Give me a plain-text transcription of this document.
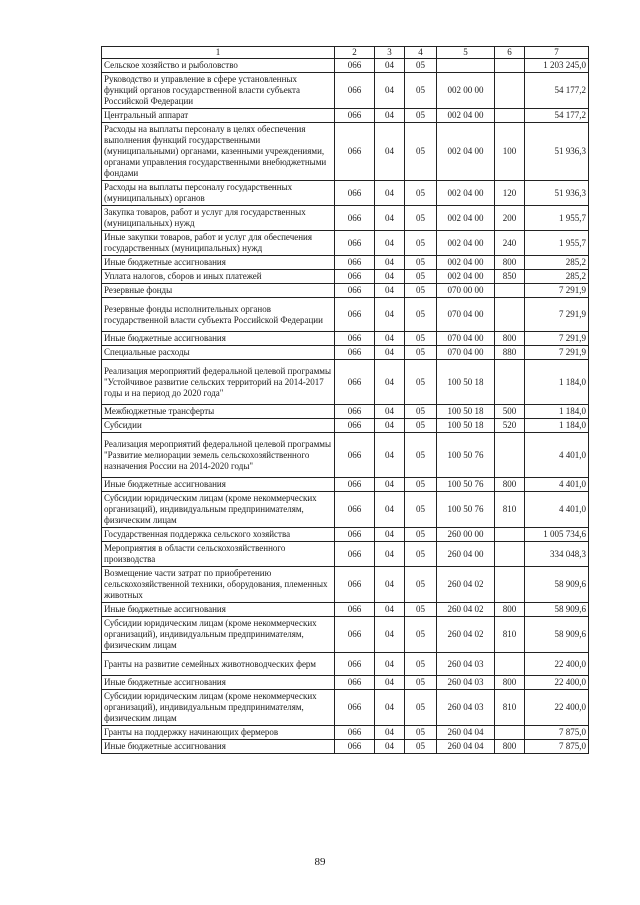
1	2	3	4	5	6	7
Сельское хозяйство и рыболовство	066	04	05			1 203 245,0
Руководство и управление в сфере установленных функций органов государственной власти субъекта Российской Федерации	066	04	05	002 00 00		54 177,2
Центральный аппарат	066	04	05	002 04 00		54 177,2
Расходы на выплаты персоналу в целях обеспечения выполнения функций государственными (муниципальными) органами, казенными учреждениями, органами управления государственными внебюджетными фондами	066	04	05	002 04 00	100	51 936,3
Расходы на выплаты персоналу государственных (муниципальных) органов	066	04	05	002 04 00	120	51 936,3
Закупка товаров, работ и услуг для государственных (муниципальных) нужд	066	04	05	002 04 00	200	1 955,7
Иные закупки товаров, работ и услуг для обеспечения государственных (муниципальных) нужд	066	04	05	002 04 00	240	1 955,7
Иные бюджетные ассигнования	066	04	05	002 04 00	800	285,2
Уплата налогов, сборов и иных платежей	066	04	05	002 04 00	850	285,2
Резервные фонды	066	04	05	070 00 00		7 291,9
Резервные фонды исполнительных органов государственной власти субъекта Российской Федерации	066	04	05	070 04 00		7 291,9
Иные бюджетные ассигнования	066	04	05	070 04 00	800	7 291,9
Специальные расходы	066	04	05	070 04 00	880	7 291,9
Реализация мероприятий федеральной целевой программы "Устойчивое развитие сельских территорий на 2014-2017 годы и на период до 2020 года"	066	04	05	100 50 18		1 184,0
Межбюджетные трансферты	066	04	05	100 50 18	500	1 184,0
Субсидии	066	04	05	100 50 18	520	1 184,0
Реализация мероприятий федеральной целевой программы "Развитие мелиорации земель сельскохозяйственного назначения России на 2014-2020 годы"	066	04	05	100 50 76		4 401,0
Иные бюджетные ассигнования	066	04	05	100 50 76	800	4 401,0
Субсидии юридическим лицам (кроме некоммерческих организаций), индивидуальным предпринимателям, физическим лицам	066	04	05	100 50 76	810	4 401,0
Государственная поддержка сельского хозяйства	066	04	05	260 00 00		1 005 734,6
Мероприятия в области сельскохозяйственного производства	066	04	05	260 04 00		334 048,3
Возмещение части затрат по приобретению сельскохозяйственной техники, оборудования, племенных животных	066	04	05	260 04 02		58 909,6
Иные бюджетные ассигнования	066	04	05	260 04 02	800	58 909,6
Субсидии юридическим лицам (кроме некоммерческих организаций), индивидуальным предпринимателям, физическим лицам	066	04	05	260 04 02	810	58 909,6
Гранты на развитие семейных животноводческих ферм	066	04	05	260 04 03		22 400,0
Иные бюджетные ассигнования	066	04	05	260 04 03	800	22 400,0
Субсидии юридическим лицам (кроме некоммерческих организаций), индивидуальным предпринимателям, физическим лицам	066	04	05	260 04 03	810	22 400,0
Гранты на поддержку начинающих фермеров	066	04	05	260 04 04		7 875,0
Иные бюджетные ассигнования	066	04	05	260 04 04	800	7 875,0
89
